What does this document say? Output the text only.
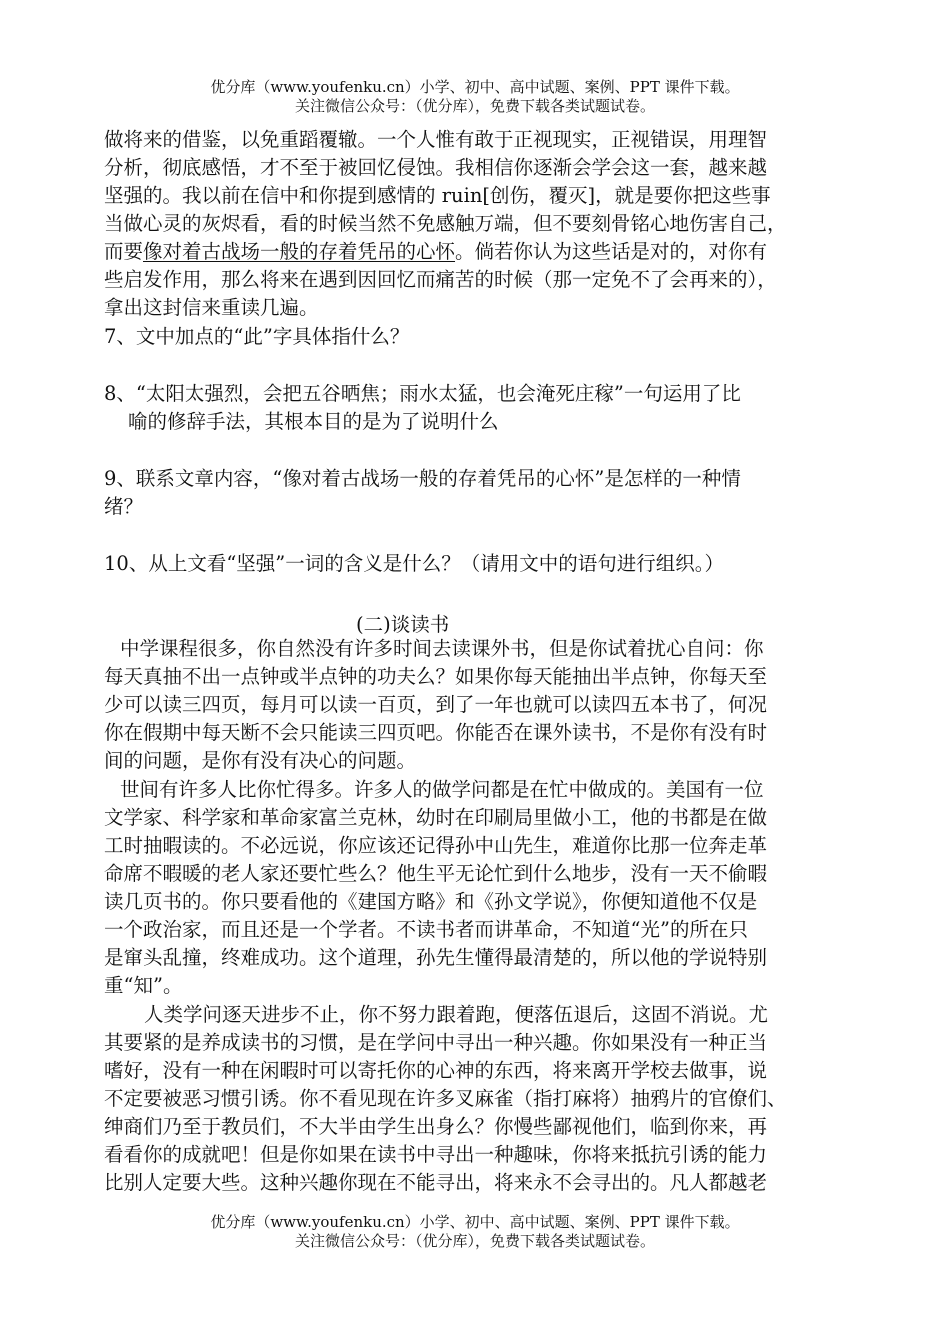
优分库（www.youfenku.cn）小学、初中、高中试题、案例、PPT 课件下载。
关注微信公众号：（优分库），免费下载各类试题试卷。
做将来的借鉴，以免重蹈覆辙。一个人惟有敢于正视现实，正视错误，用理智
分析，彻底感悟，才不至于被回忆侵蚀。我相信你逐渐会学会这一套，越来越
坚强的。我以前在信中和你提到感情的 ruin[创伤，覆灭]，就是要你把这些事
当做心灵的灰烬看，看的时候当然不免感触万端，但不要刻骨铭心地伤害自己，
而要像对着古战场一般的存着凭吊的心怀。倘若你认为这些话是对的，对你有
些启发作用，那么将来在遇到因回忆而痛苦的时候（那一定免不了会再来的），
拿出这封信来重读几遍。
7、文中加点的“此”字具体指什么？
8、“太阳太强烈，会把五谷晒焦；雨水太猛，也会淹死庄稼”一句运用了比
喻的修辞手法，其根本目的是为了说明什么
9、联系文章内容，“像对着古战场一般的存着凭吊的心怀”是怎样的一种情
绪？
10、从上文看“坚强”一词的含义是什么？（请用文中的语句进行组织。）
(二)谈读书
中学课程很多，你自然没有许多时间去读课外书，但是你试着扰心自问：你
每天真抽不出一点钟或半点钟的功夫么？如果你每天能抽出半点钟，你每天至
少可以读三四页，每月可以读一百页，到了一年也就可以读四五本书了，何况
你在假期中每天断不会只能读三四页吧。你能否在课外读书，不是你有没有时
间的问题，是你有没有决心的问题。
世间有许多人比你忙得多。许多人的做学问都是在忙中做成的。美国有一位
文学家、科学家和革命家富兰克林，幼时在印刷局里做小工，他的书都是在做
工时抽暇读的。不必远说，你应该还记得孙中山先生，难道你比那一位奔走革
命席不暇暖的老人家还要忙些么？他生平无论忙到什么地步，没有一天不偷暇
读几页书的。你只要看他的《建国方略》和《孙文学说》，你便知道他不仅是
一个政治家，而且还是一个学者。不读书者而讲革命，不知道“光”的所在只
是窜头乱撞，终难成功。这个道理，孙先生懂得最清楚的，所以他的学说特别
重“知”。
人类学问逐天进步不止，你不努力跟着跑，便落伍退后，这固不消说。尤
其要紧的是养成读书的习惯，是在学问中寻出一种兴趣。你如果没有一种正当
嗜好，没有一种在闲暇时可以寄托你的心神的东西，将来离开学校去做事，说
不定要被恶习惯引诱。你不看见现在许多叉麻雀（指打麻将）抽鸦片的官僚们、
绅商们乃至于教员们，不大半由学生出身么？你慢些鄙视他们，临到你来，再
看看你的成就吧！但是你如果在读书中寻出一种趣味，你将来抵抗引诱的能力
比别人定要大些。这种兴趣你现在不能寻出，将来永不会寻出的。凡人都越老
优分库（www.youfenku.cn）小学、初中、高中试题、案例、PPT 课件下载。
关注微信公众号：（优分库），免费下载各类试题试卷。
